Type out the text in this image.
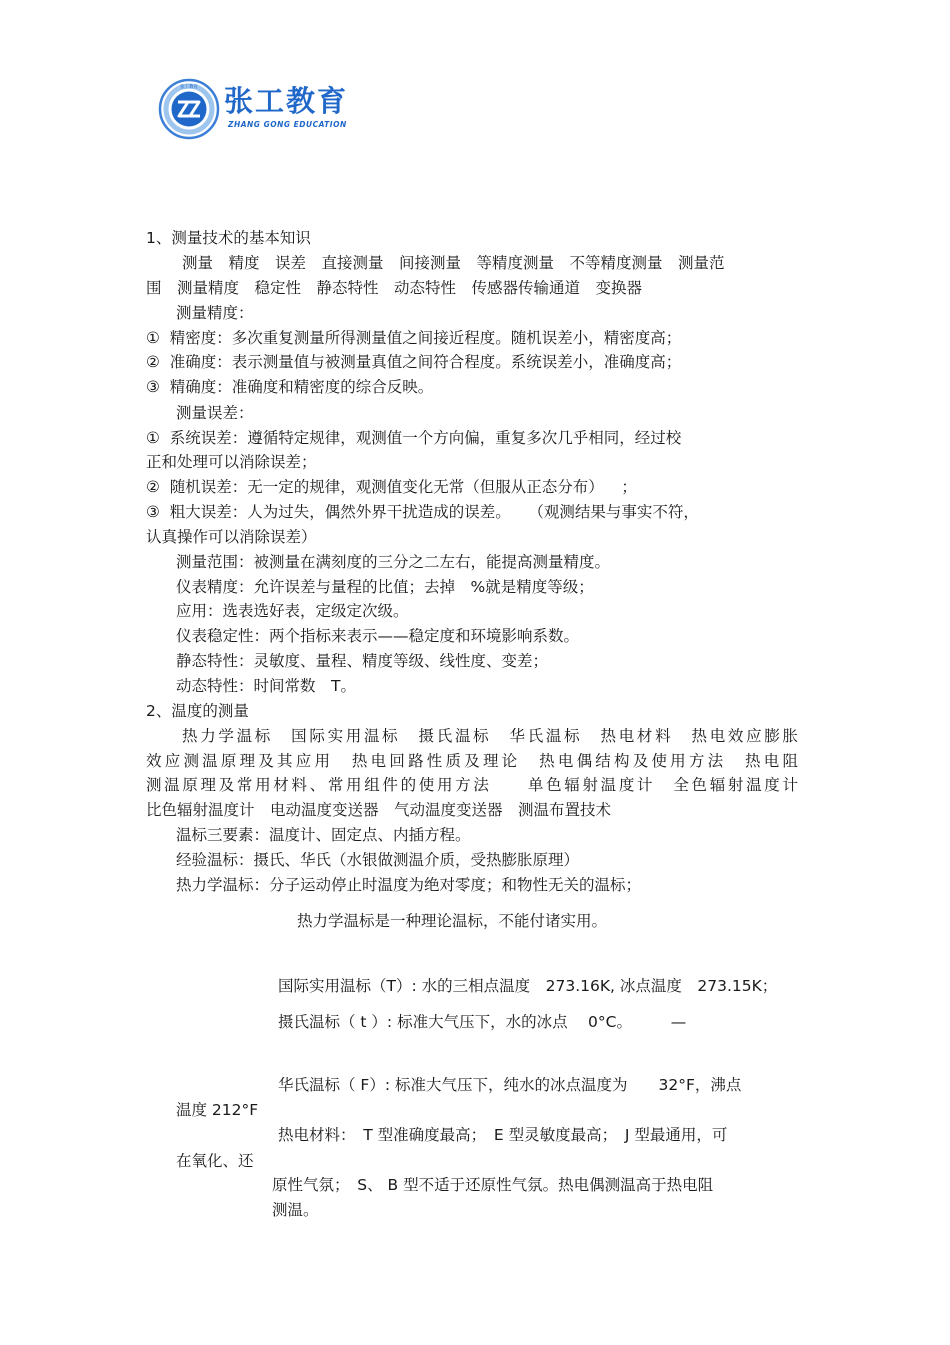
张工教育 张工教育
ZHANG GONG EDUCATION

1、测量技术的基本知识

测量　精度　误差　直接测量　间接测量　等精度测量　不等精度测量　测量范

围　测量精度　稳定性　静态特性　动态特性　传感器传输通道　变换器

测量精度：

①  精密度：多次重复测量所得测量值之间接近程度。随机误差小，精密度高；

②  准确度：表示测量值与被测量真值之间符合程度。系统误差小，准确度高；

③  精确度：准确度和精密度的综合反映。

测量误差：

①  系统误差：遵循特定规律，观测值一个方向偏，重复多次几乎相同，经过校

正和处理可以消除误差；

②  随机误差：无一定的规律，观测值变化无常（但服从正态分布）　  ；

③  粗大误差：人为过失，偶然外界干扰造成的误差。　  （观测结果与事实不符，

认真操作可以消除误差）

测量范围：被测量在满刻度的三分之二左右，能提高测量精度。

仪表精度：允许误差与量程的比值；去掉　%就是精度等级；

应用：选表选好表，定级定次级。

仪表稳定性：两个指标来表示——稳定度和环境影响系数。

静态特性：灵敏度、量程、精度等级、线性度、变差；

动态特性：时间常数　T。

2、温度的测量

热力学温标　国际实用温标　摄氏温标　华氏温标　热电材料　热电效应膨胀

效应测温原理及其应用　热电回路性质及理论　热电偶结构及使用方法　热电阻

测温原理及常用材料、常用组件的使用方法　　单色辐射温度计　全色辐射温度计

比色辐射温度计　电动温度变送器　气动温度变送器　测温布置技术

温标三要素：温度计、固定点、内插方程。

经验温标：摄氏、华氏（水银做测温介质，受热膨胀原理）

热力学温标：分子运动停止时温度为绝对零度；和物性无关的温标；

热力学温标是一种理论温标，不能付诸实用。

国际实用温标（T）: 水的三相点温度　273.16K, 冰点温度　273.15K；

摄氏温标（ t ）: 标准大气压下，水的冰点　 0°C。　　　—

华氏温标（ F）: 标准大气压下，纯水的冰点温度为　　32°F，沸点

温度 212°F

热电材料：　T 型准确度最高；　E 型灵敏度最高；　J 型最通用，可

在氧化、还

原性气氛；　S、 B 型不适于还原性气氛。热电偶测温高于热电阻

测温。
